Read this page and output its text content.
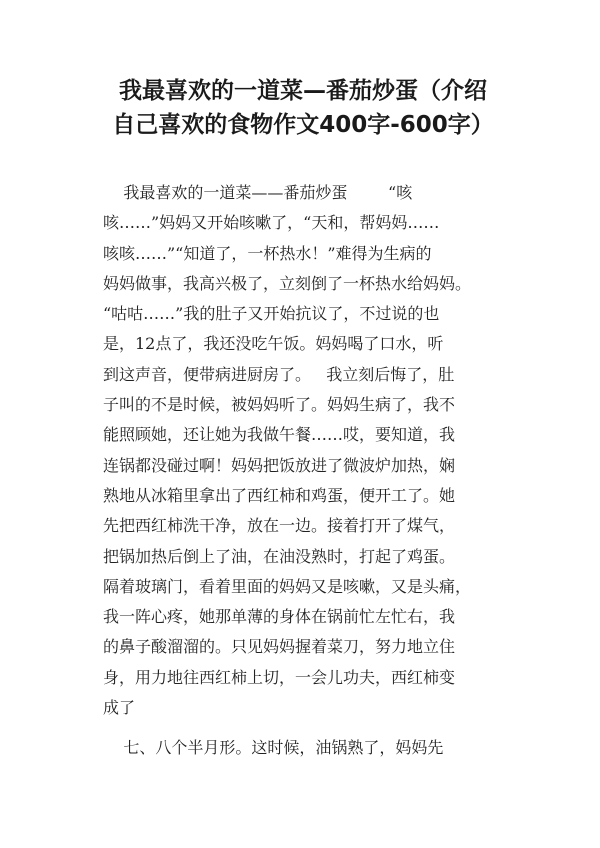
我最喜欢的一道菜—番茄炒蛋（介绍
自己喜欢的食物作文400字-600字）
我最喜欢的一道菜——番茄炒蛋        “咳
咳……”妈妈又开始咳嗽了，“天和，帮妈妈……
咳咳……”“知道了，一杯热水！”难得为生病的
妈妈做事，我高兴极了，立刻倒了一杯热水给妈妈。
“咕咕……”我的肚子又开始抗议了，不过说的也
是，12点了，我还没吃午饭。妈妈喝了口水，听
到这声音，便带病进厨房了。   我立刻后悔了，肚
子叫的不是时候，被妈妈听了。妈妈生病了，我不
能照顾她，还让她为我做午餐……哎，要知道，我
连锅都没碰过啊！妈妈把饭放进了微波炉加热，娴
熟地从冰箱里拿出了西红柿和鸡蛋，便开工了。她
先把西红柿洗干净，放在一边。接着打开了煤气，
把锅加热后倒上了油，在油没熟时，打起了鸡蛋。
隔着玻璃门，看着里面的妈妈又是咳嗽，又是头痛，
我一阵心疼，她那单薄的身体在锅前忙左忙右，我
的鼻子酸溜溜的。只见妈妈握着菜刀，努力地立住
身，用力地往西红柿上切，一会儿功夫，西红柿变
成了
七、八个半月形。这时候，油锅熟了，妈妈先
